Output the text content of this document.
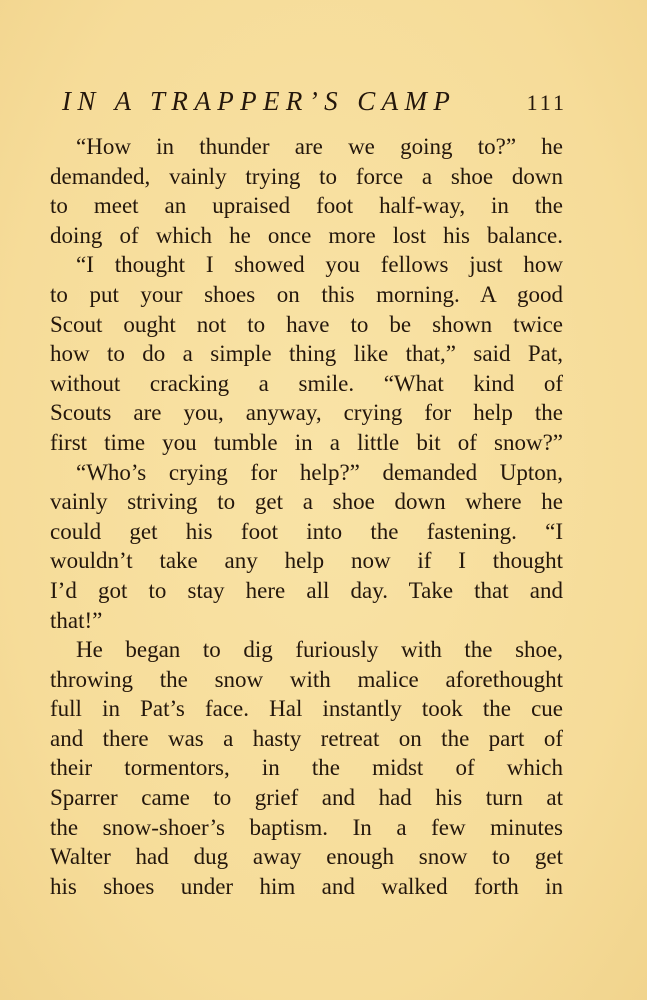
IN A TRAPPER’S CAMP	111
“How in thunder are we going to?” he
demanded, vainly trying to force a shoe down
to meet an upraised foot half-way, in the
doing of which he once more lost his balance.
“I thought I showed you fellows just how
to put your shoes on this morning. A good
Scout ought not to have to be shown twice
how to do a simple thing like that,” said Pat,
without cracking a smile. “What kind of
Scouts are you, anyway, crying for help the
first time you tumble in a little bit of snow?”
“Who’s crying for help?” demanded Upton,
vainly striving to get a shoe down where he
could get his foot into the fastening. “I
wouldn’t take any help now if I thought
I’d got to stay here all day. Take that and
that!”
He began to dig furiously with the shoe,
throwing the snow with malice aforethought
full in Pat’s face. Hal instantly took the cue
and there was a hasty retreat on the part of
their tormentors, in the midst of which
Sparrer came to grief and had his turn at
the snow-shoer’s baptism. In a few minutes
Walter had dug away enough snow to get
his shoes under him and walked forth in
